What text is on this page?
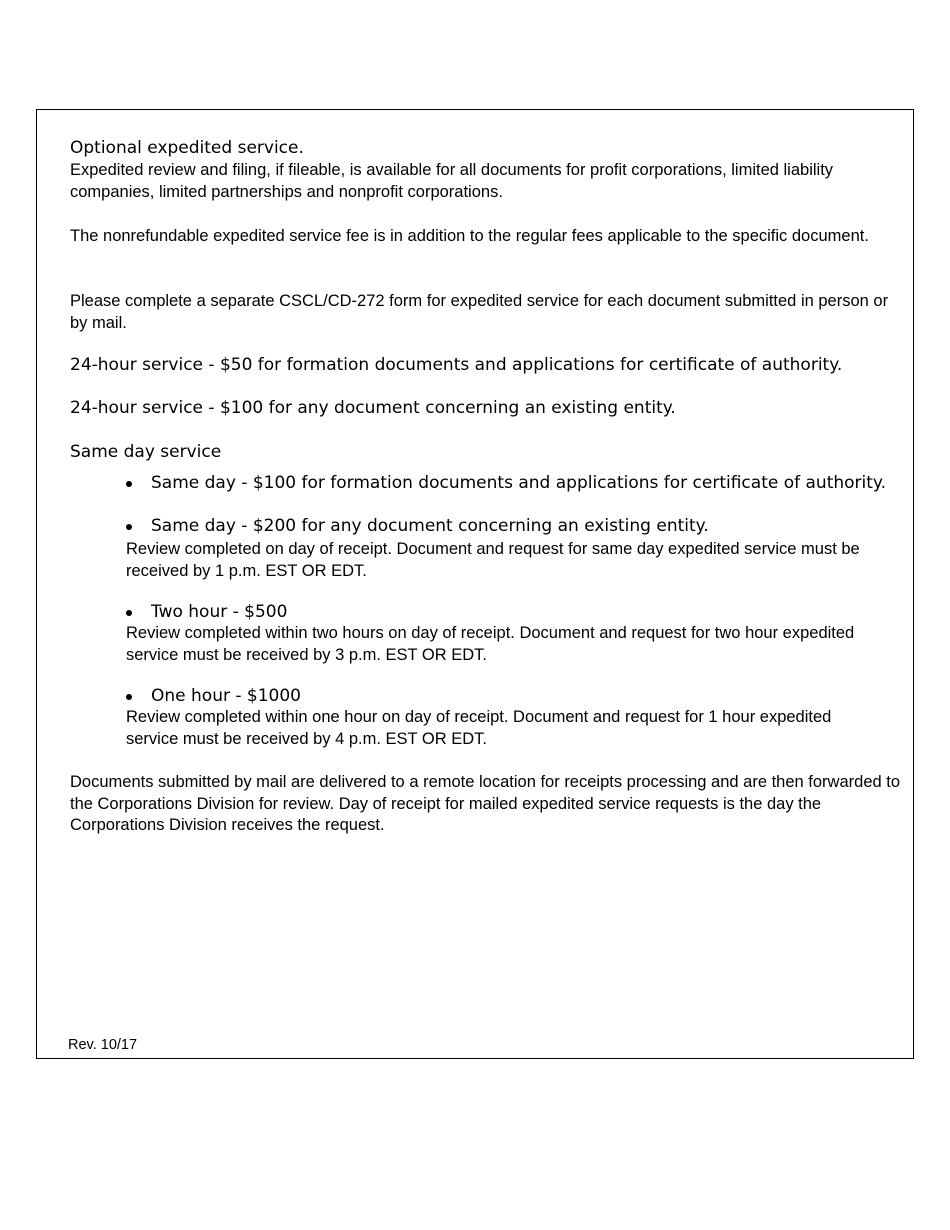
Optional expedited service.

Expedited review and filing, if fileable, is available for all documents for profit corporations, limited liability companies, limited partnerships and nonprofit corporations.

The nonrefundable expedited service fee is in addition to the regular fees applicable to the specific document.

Please complete a separate CSCL/CD-272 form for expedited service for each document submitted in person or by mail.

24-hour service - $50 for formation documents and applications for certificate of authority.

24-hour service - $100 for any document concerning an existing entity.

Same day service

Same day - $100 for formation documents and applications for certificate of authority.
Same day - $200 for any document concerning an existing entity.

Review completed on day of receipt. Document and request for same day expedited service must be received by 1 p.m. EST OR EDT.

Two hour - $500

Review completed within two hours on day of receipt. Document and request for two hour expedited service must be received by 3 p.m. EST OR EDT.

One hour - $1000

Review completed within one hour on day of receipt. Document and request for 1 hour expedited service must be received by 4 p.m. EST OR EDT.

Documents submitted by mail are delivered to a remote location for receipts processing and are then forwarded to the Corporations Division for review. Day of receipt for mailed expedited service requests is the day the Corporations Division receives the request.

Rev. 10/17
